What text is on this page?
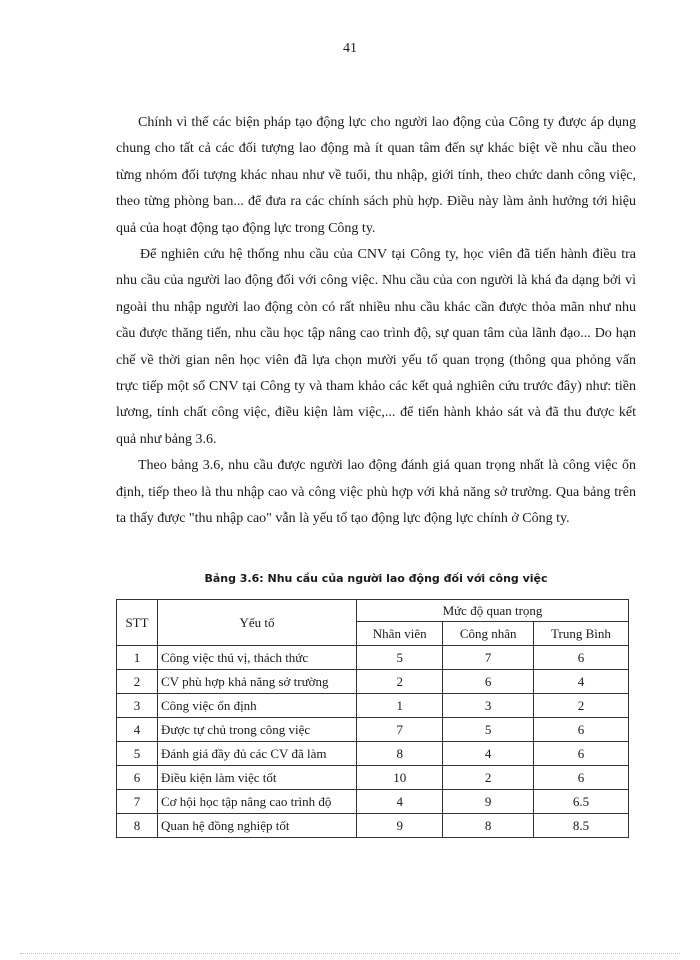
41

Chính vì thế các biện pháp tạo động lực cho người lao động của Công ty được áp dụng chung cho tất cả các đối tượng lao động mà ít quan tâm đến sự khác biệt về nhu cầu theo từng nhóm đối tượng khác nhau như về tuổi, thu nhập, giới tính, theo chức danh công việc, theo từng phòng ban... để đưa ra các chính sách phù hợp. Điều này làm ảnh hưởng tới hiệu quả của hoạt động tạo động lực trong Công ty.

Để nghiên cứu hệ thống nhu cầu của CNV tại Công ty, học viên đã tiến hành điều tra nhu cầu của người lao động đối với công việc. Nhu cầu của con người là khá đa dạng bởi vì ngoài thu nhập người lao động còn có rất nhiều nhu cầu khác cần được thỏa mãn như nhu cầu được thăng tiến, nhu cầu học tập nâng cao trình độ, sự quan tâm của lãnh đạo... Do hạn chế về thời gian nên học viên đã lựa chọn mười yếu tố quan trọng (thông qua phỏng vấn trực tiếp một số CNV tại Công ty và tham khảo các kết quả nghiên cứu trước đây) như: tiền lương, tính chất công việc, điều kiện làm việc,... để tiến hành khảo sát và đã thu được kết quả như bảng 3.6.

Theo bảng 3.6, nhu cầu được người lao động đánh giá quan trọng nhất là công việc ổn định, tiếp theo là thu nhập cao và công việc phù hợp với khả năng sở trường. Qua bảng trên ta thấy được "thu nhập cao" vẫn là yếu tố tạo động lực động lực chính ở Công ty.

Bảng 3.6: Nhu cầu của người lao động đối với công việc
STT	Yếu tố	Mức độ quan trọng		
		Nhân viên	Công nhân	Trung Bình
1	Công việc thú vị, thách thức	5	7	6
2	CV phù hợp khả năng sở trường	2	6	4
3	Công việc ổn định	1	3	2
4	Được tự chủ trong công việc	7	5	6
5	Đánh giá đầy đủ các CV đã làm	8	4	6
6	Điều kiện làm việc tốt	10	2	6
7	Cơ hội học tập nâng cao trình độ	4	9	6.5
8	Quan hệ đồng nghiệp tốt	9	8	8.5
